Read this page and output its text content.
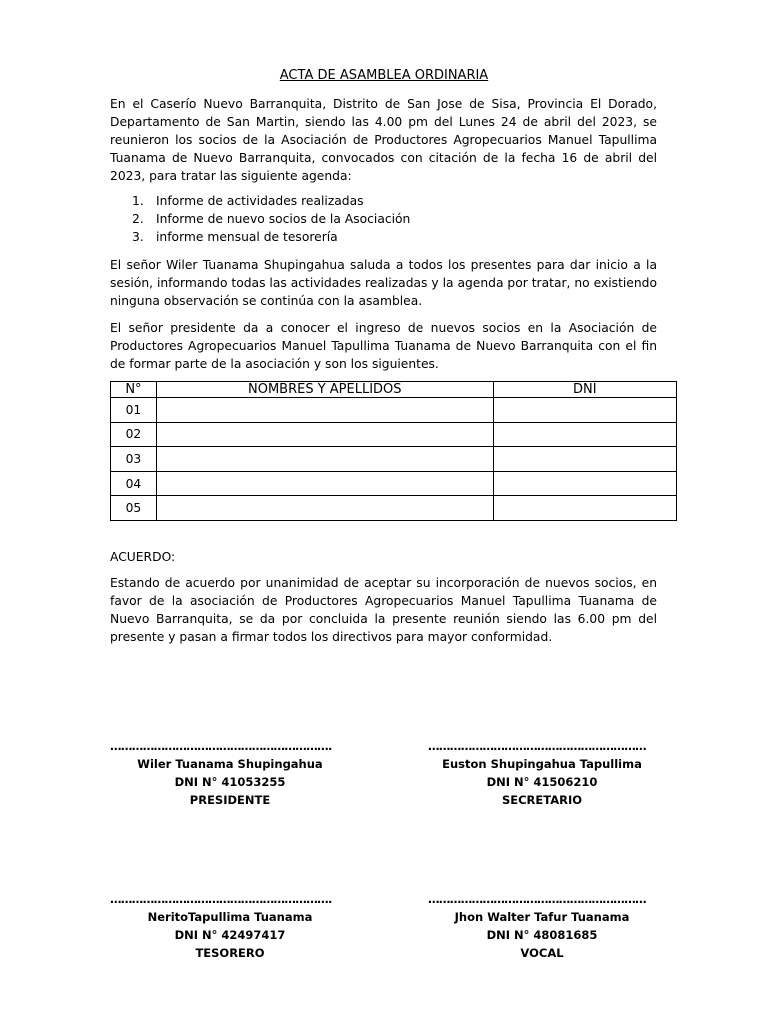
ACTA DE ASAMBLEA ORDINARIA

En el Caserío Nuevo Barranquita, Distrito de San Jose de Sisa, Provincia El Dorado, Departamento de San Martin, siendo las 4.00 pm del Lunes 24 de abril del 2023, se reunieron los socios de la Asociación de Productores Agropecuarios Manuel Tapullima Tuanama de Nuevo Barranquita, convocados con citación de la fecha 16 de abril del 2023, para tratar las siguiente agenda:

1. Informe de actividades realizadas
2. Informe de nuevo socios de la Asociación
3. informe mensual de tesorería

El señor Wiler Tuanama Shupingahua saluda a todos los presentes para dar inicio a la sesión, informando todas las actividades realizadas y la agenda por tratar, no existiendo ninguna observación se continúa con la asamblea.

El señor presidente da a conocer el ingreso de nuevos socios en la Asociación de Productores Agropecuarios Manuel Tapullima Tuanama de Nuevo Barranquita con el fin de formar parte de la asociación y son los siguientes.

N°	NOMBRES Y APELLIDOS	DNI
01		
02		
03		
04		
05		

ACUERDO:

Estando de acuerdo por unanimidad de aceptar su incorporación de nuevos socios, en favor de la asociación de Productores Agropecuarios Manuel Tapullima Tuanama de Nuevo Barranquita, se da por concluida la presente reunión siendo las 6.00 pm del presente y pasan a firmar todos los directivos para mayor conformidad.

…………………………………………………….
Wiler Tuanama Shupingahua
DNI N° 41053255
PRESIDENTE
……………………………………………………
Euston Shupingahua Tapullima
DNI N° 41506210
SECRETARIO
…………………………………………………….
NeritoTapullima Tuanama
DNI N° 42497417
TESORERO
……………………………………………………
Jhon Walter Tafur Tuanama
DNI N° 48081685
VOCAL
